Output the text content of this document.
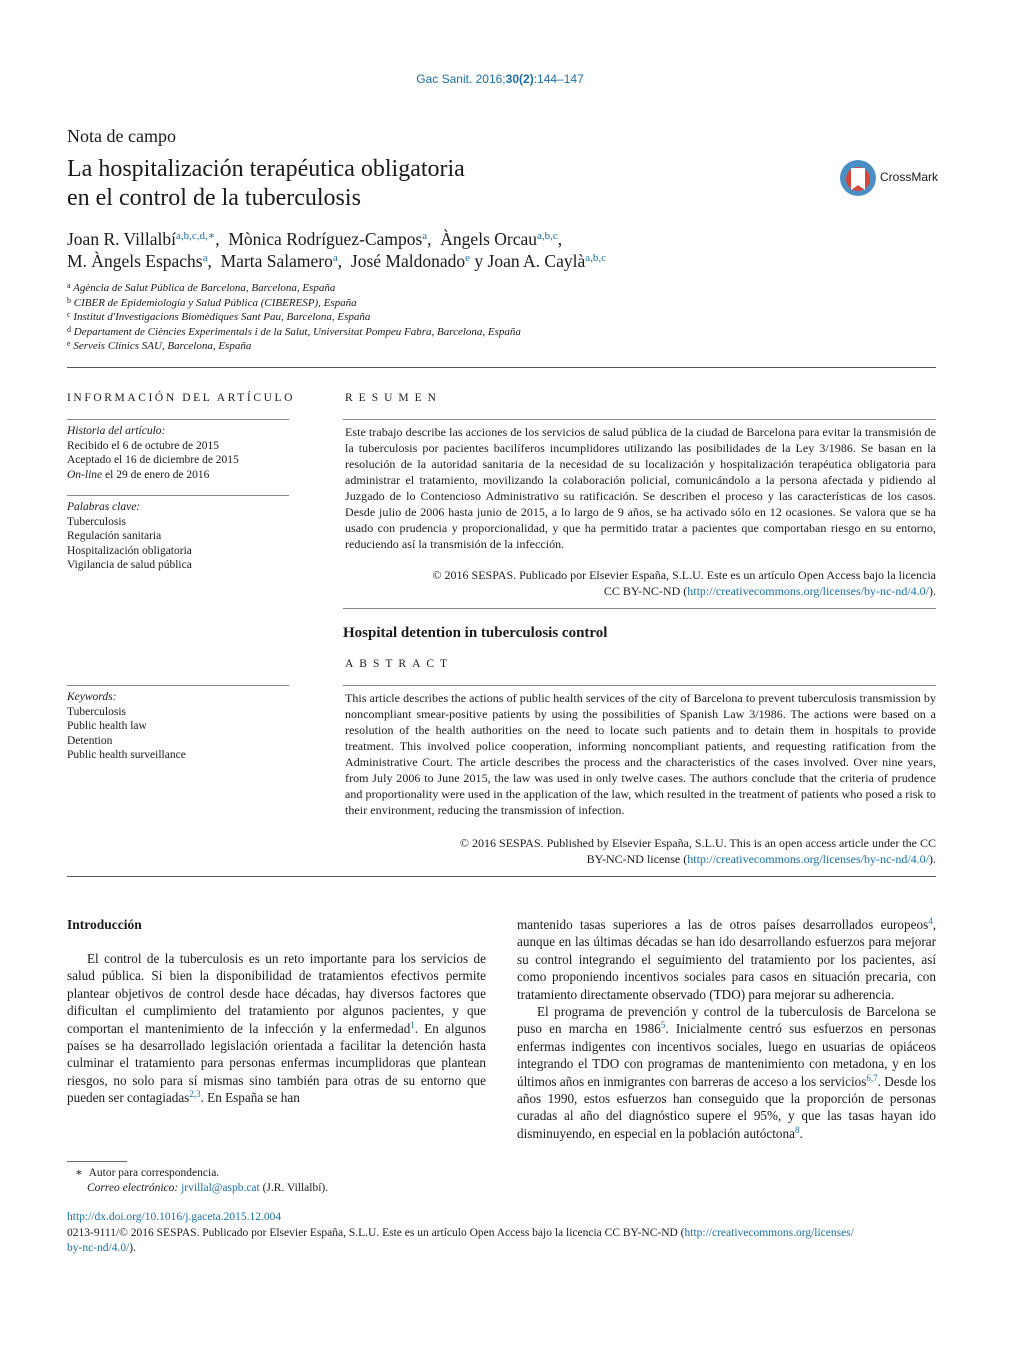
Gac Sanit. 2016;30(2):144–147
Nota de campo
La hospitalización terapéutica obligatoria
en el control de la tuberculosis
CrossMark
Joan R. Villalbí$^{a,b,c,d,∗}$,  Mònica Rodríguez-Campos$^a$,  Àngels Orcau$^{a,b,c}$,
M. Àngels Espachs$^a$,  Marta Salamero$^a$,  José Maldonado$^e$ y Joan A. Caylà$^{a,b,c}$
$^a$ Agència de Salut Pública de Barcelona, Barcelona, España
$^b$ CIBER de Epidemiología y Salud Pública (CIBERESP), España
$^c$ Institut d'Investigacions Biomèdiques Sant Pau, Barcelona, España
$^d$ Departament de Ciències Experimentals i de la Salut, Universitat Pompeu Fabra, Barcelona, España
$^e$ Serveis Clínics SAU, Barcelona, España
INFORMACIÓN DEL ARTÍCULO
Historia del artículo:
Recibido el 6 de octubre de 2015
Aceptado el 16 de diciembre de 2015
On-line el 29 de enero de 2016
Palabras clave:
Tuberculosis
Regulación sanitaria
Hospitalización obligatoria
Vigilancia de salud pública
Keywords:
Tuberculosis
Public health law
Detention
Public health surveillance
RESUMEN
Este trabajo describe las acciones de los servicios de salud pública de la ciudad de Barcelona para evitar la transmisión de la tuberculosis por pacientes bacilíferos incumplidores utilizando las posibilidades de la Ley 3/1986. Se basan en la resolución de la autoridad sanitaria de la necesidad de su localización y hospitalización terapéutica obligatoria para administrar el tratamiento, movilizando la colaboración policial, comunicándolo a la persona afectada y pidiendo al Juzgado de lo Contencioso Administrativo su ratificación. Se describen el proceso y las características de los casos. Desde julio de 2006 hasta junio de 2015, a lo largo de 9 años, se ha activado sólo en 12 ocasiones. Se valora que se ha usado con prudencia y proporcionalidad, y que ha permitido tratar a pacientes que comportaban riesgo en su entorno, reduciendo así la transmisión de la infección.
© 2016 SESPAS. Publicado por Elsevier España, S.L.U. Este es un artículo Open Access bajo la licencia
CC BY-NC-ND (http://creativecommons.org/licenses/by-nc-nd/4.0/).
Hospital detention in tuberculosis control
ABSTRACT
This article describes the actions of public health services of the city of Barcelona to prevent tuberculosis transmission by noncompliant smear-positive patients by using the possibilities of Spanish Law 3/1986. The actions were based on a resolution of the health authorities on the need to locate such patients and to detain them in hospitals to provide treatment. This involved police cooperation, informing noncompliant patients, and requesting ratification from the Administrative Court. The article describes the process and the characteristics of the cases involved. Over nine years, from July 2006 to June 2015, the law was used in only twelve cases. The authors conclude that the criteria of prudence and proportionality were used in the application of the law, which resulted in the treatment of patients who posed a risk to their environment, reducing the transmission of infection.
© 2016 SESPAS. Published by Elsevier España, S.L.U. This is an open access article under the CC
BY-NC-ND license (http://creativecommons.org/licenses/by-nc-nd/4.0/).
Introducción

El control de la tuberculosis es un reto importante para los servicios de salud pública. Si bien la disponibilidad de tratamientos efectivos permite plantear objetivos de control desde hace décadas, hay diversos factores que dificultan el cumplimiento del tratamiento por algunos pacientes, y que comportan el mantenimiento de la infección y la enfermedad$^1$. En algunos países se ha desarrollado legislación orientada a facilitar la detención hasta culminar el tratamiento para personas enfermas incumplidoras que plantean riesgos, no solo para sí mismas sino también para otras de su entorno que pueden ser contagiadas$^{2,3}$. En España se han

mantenido tasas superiores a las de otros países desarrollados europeos$^4$, aunque en las últimas décadas se han ido desarrollando esfuerzos para mejorar su control integrando el seguimiento del tratamiento por los pacientes, así como proponiendo incentivos sociales para casos en situación precaria, con tratamiento directamente observado (TDO) para mejorar su adherencia.

El programa de prevención y control de la tuberculosis de Barcelona se puso en marcha en 1986$^5$. Inicialmente centró sus esfuerzos en personas enfermas indigentes con incentivos sociales, luego en usuarias de opiáceos integrando el TDO con programas de mantenimiento con metadona, y en los últimos años en inmigrantes con barreras de acceso a los servicios$^{6,7}$. Desde los años 1990, estos esfuerzos han conseguido que la proporción de personas curadas al año del diagnóstico supere el 95%, y que las tasas hayan ido disminuyendo, en especial en la población autóctona$^8$.

∗ Autor para correspondencia.
Correo electrónico: jrvillal@aspb.cat (J.R. Villalbí).
http://dx.doi.org/10.1016/j.gaceta.2015.12.004
0213-9111/© 2016 SESPAS. Publicado por Elsevier España, S.L.U. Este es un artículo Open Access bajo la licencia CC BY-NC-ND (http://creativecommons.org/licenses/
by-nc-nd/4.0/).
